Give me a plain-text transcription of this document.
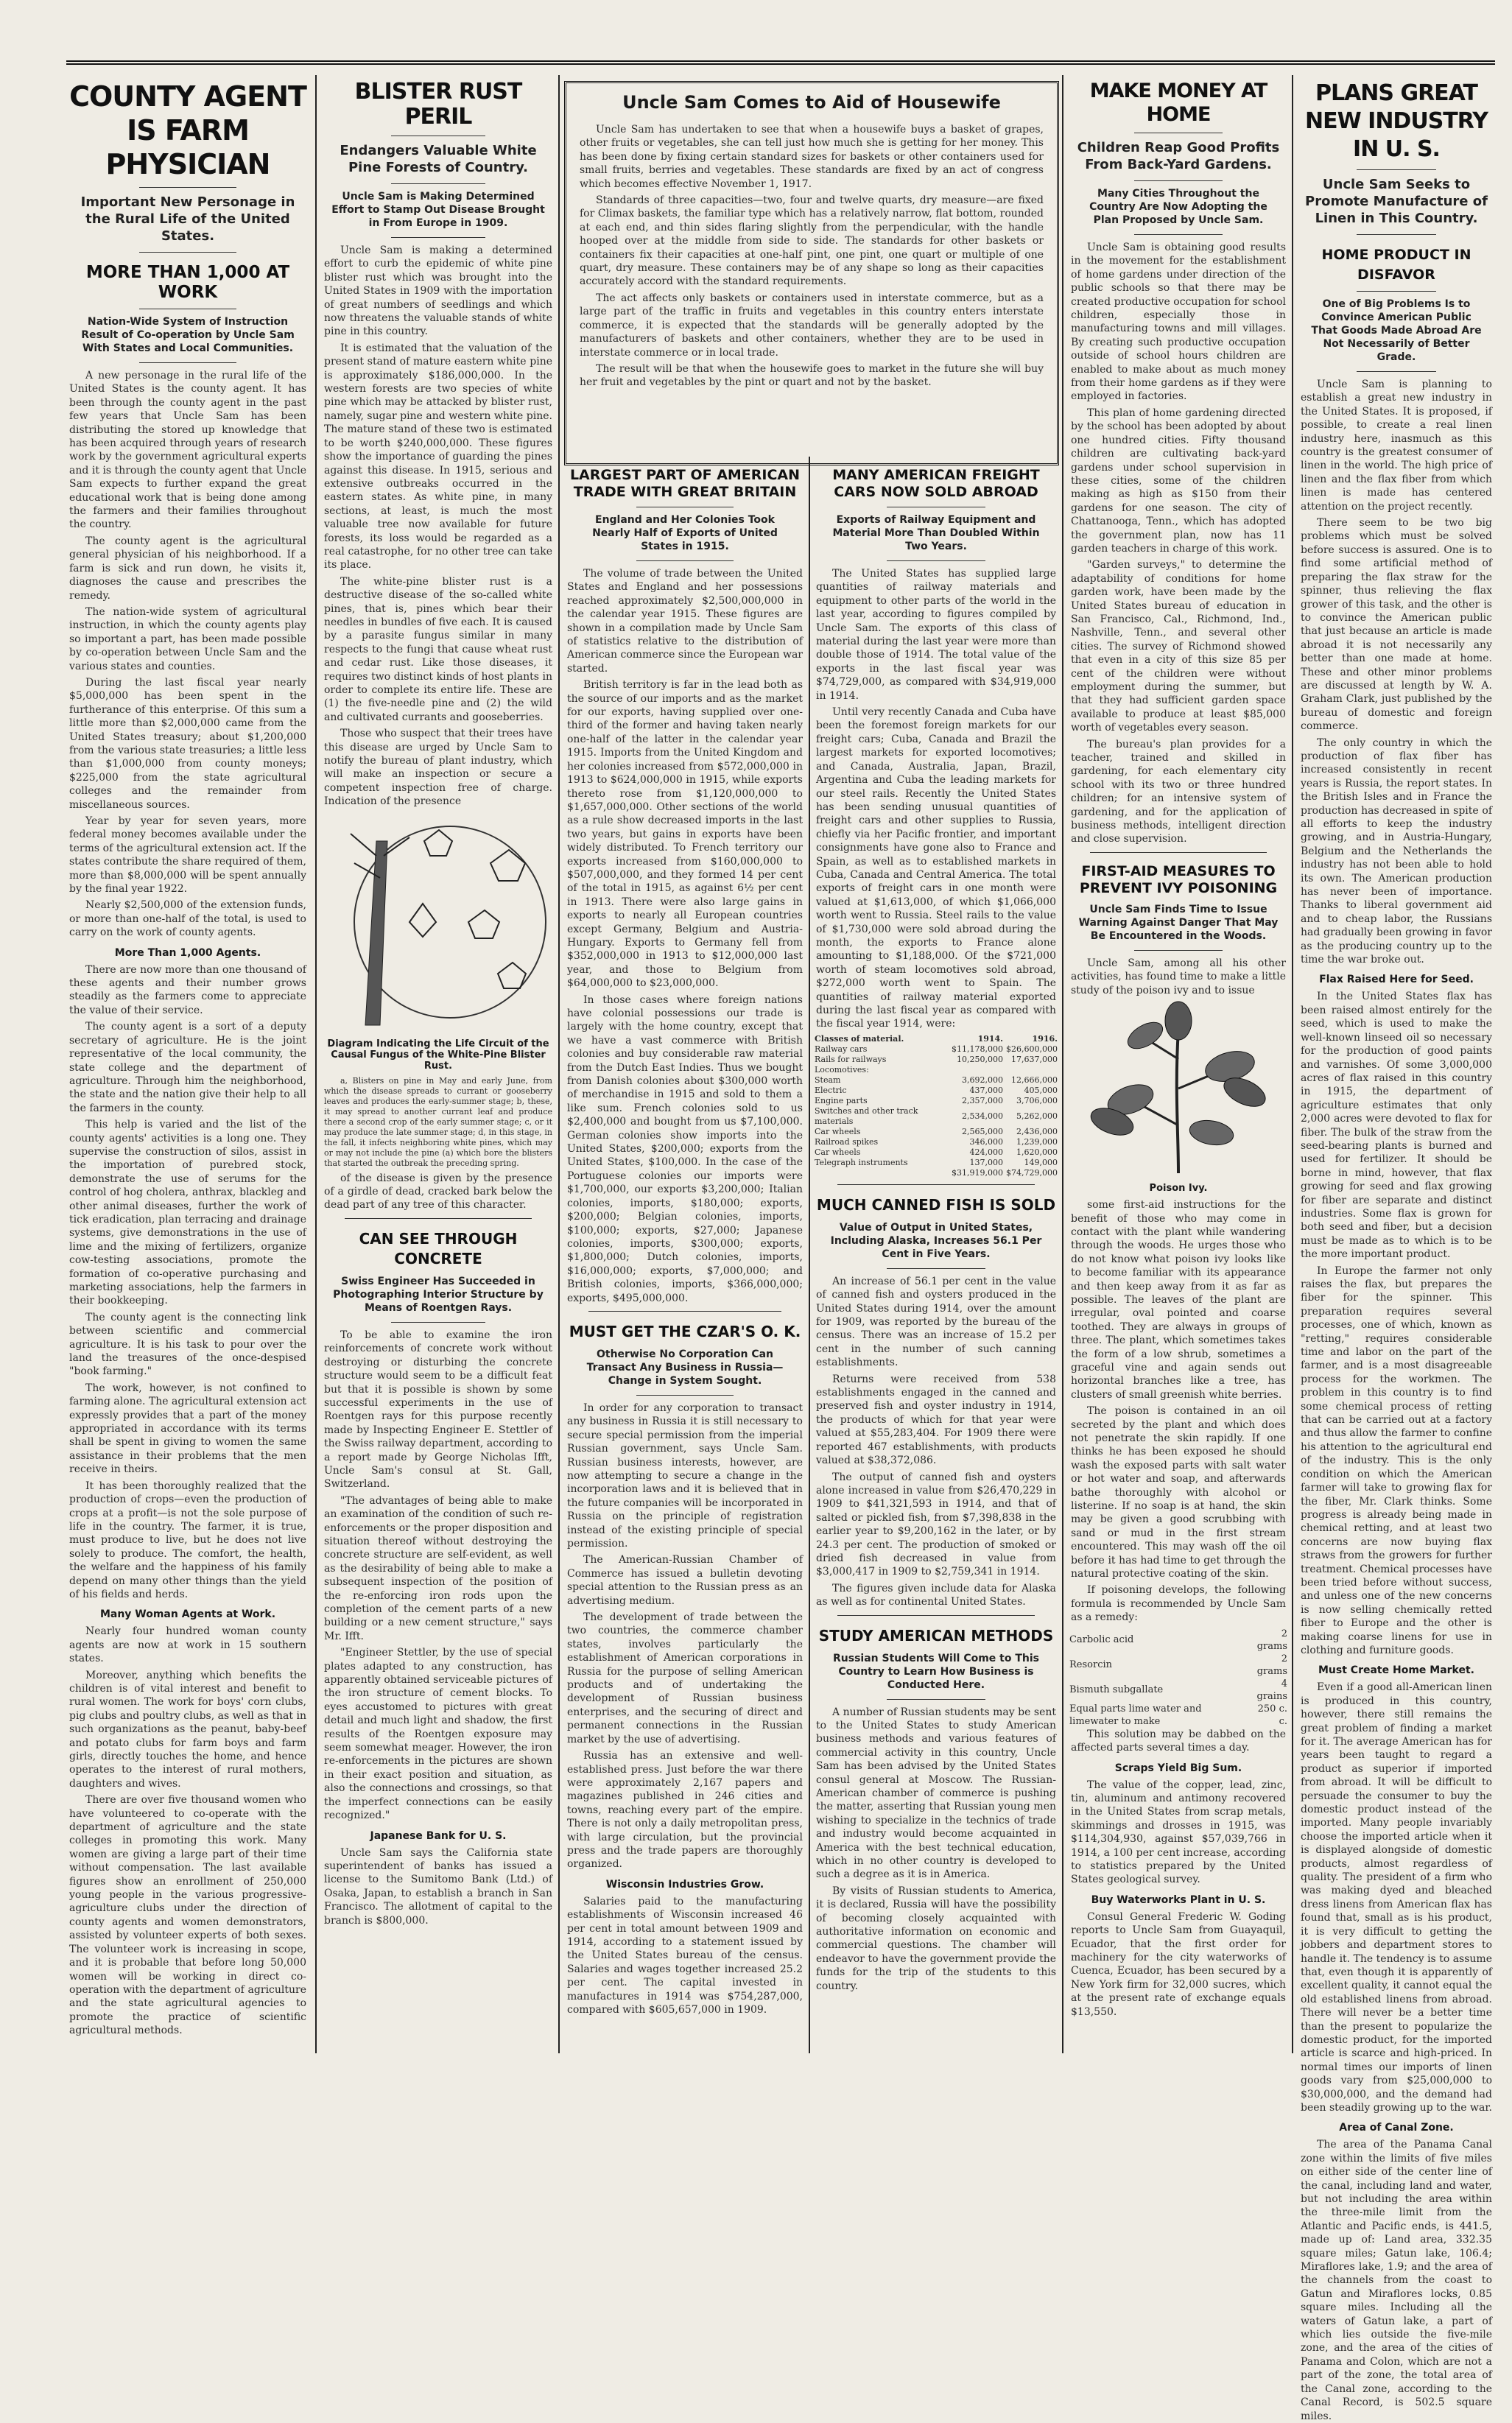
COUNTY AGENT IS FARM PHYSICIAN
Important New Personage in the Rural Life of the United States.
MORE THAN 1,000 AT WORK
Nation-Wide System of Instruction Result of Co-operation by Uncle Sam With States and Local Communities.

A new personage in the rural life of the United States is the county agent. It has been through the county agent in the past few years that Uncle Sam has been distributing the stored up knowledge that has been acquired through years of research work by the government agricultural experts and it is through the county agent that Uncle Sam expects to further expand the great educational work that is being done among the farmers and their families throughout the country.

The county agent is the agricultural general physician of his neighborhood. If a farm is sick and run down, he visits it, diagnoses the cause and prescribes the remedy.

The nation-wide system of agricultural instruction, in which the county agents play so important a part, has been made possible by co-operation between Uncle Sam and the various states and counties.

During the last fiscal year nearly $5,000,000 has been spent in the furtherance of this enterprise. Of this sum a little more than $2,000,000 came from the United States treasury; about $1,200,000 from the various state treasuries; a little less than $1,000,000 from county moneys; $225,000 from the state agricultural colleges and the remainder from miscellaneous sources.

Year by year for seven years, more federal money becomes available under the terms of the agricultural extension act. If the states contribute the share required of them, more than $8,000,000 will be spent annually by the final year 1922.

Nearly $2,500,000 of the extension funds, or more than one-half of the total, is used to carry on the work of county agents.

More Than 1,000 Agents.

There are now more than one thousand of these agents and their number grows steadily as the farmers come to appreciate the value of their service.

The county agent is a sort of a deputy secretary of agriculture. He is the joint representative of the local community, the state college and the department of agriculture. Through him the neighborhood, the state and the nation give their help to all the farmers in the county.

This help is varied and the list of the county agents' activities is a long one. They supervise the construction of silos, assist in the importation of purebred stock, demonstrate the use of serums for the control of hog cholera, anthrax, blackleg and other animal diseases, further the work of tick eradication, plan terracing and drainage systems, give demonstrations in the use of lime and the mixing of fertilizers, organize cow-testing associations, promote the formation of co-operative purchasing and marketing associations, help the farmers in their bookkeeping.

The county agent is the connecting link between scientific and commercial agriculture. It is his task to pour over the land the treasures of the once-despised "book farming."

The work, however, is not confined to farming alone. The agricultural extension act expressly provides that a part of the money appropriated in accordance with its terms shall be spent in giving to women the same assistance in their problems that the men receive in theirs.

It has been thoroughly realized that the production of crops—even the production of crops at a profit—is not the sole purpose of life in the country. The farmer, it is true, must produce to live, but he does not live solely to produce. The comfort, the health, the welfare and the happiness of his family depend on many other things than the yield of his fields and herds.

Many Woman Agents at Work.

Nearly four hundred woman county agents are now at work in 15 southern states.

Moreover, anything which benefits the children is of vital interest and benefit to rural women. The work for boys' corn clubs, pig clubs and poultry clubs, as well as that in such organizations as the peanut, baby-beef and potato clubs for farm boys and farm girls, directly touches the home, and hence operates to the interest of rural mothers, daughters and wives.

There are over five thousand women who have volunteered to co-operate with the department of agriculture and the state colleges in promoting this work. Many women are giving a large part of their time without compensation. The last available figures show an enrollment of 250,000 young people in the various progressive-agriculture clubs under the direction of county agents and women demonstrators, assisted by volunteer experts of both sexes. The volunteer work is increasing in scope, and it is probable that before long 50,000 women will be working in direct co-operation with the department of agriculture and the state agricultural agencies to promote the practice of scientific agricultural methods.

BLISTER RUST PERIL
Endangers Valuable White Pine Forests of Country.
Uncle Sam is Making Determined Effort to Stamp Out Disease Brought in From Europe in 1909.

Uncle Sam is making a determined effort to curb the epidemic of white pine blister rust which was brought into the United States in 1909 with the importation of great numbers of seedlings and which now threatens the valuable stands of white pine in this country.

It is estimated that the valuation of the present stand of mature eastern white pine is approximately $186,000,000. In the western forests are two species of white pine which may be attacked by blister rust, namely, sugar pine and western white pine. The mature stand of these two is estimated to be worth $240,000,000. These figures show the importance of guarding the pines against this disease. In 1915, serious and extensive outbreaks occurred in the eastern states. As white pine, in many sections, at least, is much the most valuable tree now available for future forests, its loss would be regarded as a real catastrophe, for no other tree can take its place.

The white-pine blister rust is a destructive disease of the so-called white pines, that is, pines which bear their needles in bundles of five each. It is caused by a parasite fungus similar in many respects to the fungi that cause wheat rust and cedar rust. Like those diseases, it requires two distinct kinds of host plants in order to complete its entire life. These are (1) the five-needle pine and (2) the wild and cultivated currants and gooseberries.

Those who suspect that their trees have this disease are urged by Uncle Sam to notify the bureau of plant industry, which will make an inspection or secure a competent inspection free of charge. Indication of the presence

Diagram Indicating the Life Circuit of the Causal Fungus of the White-Pine Blister Rust.

a, Blisters on pine in May and early June, from which the disease spreads to currant or gooseberry leaves and produces the early-summer stage; b, these, it may spread to another currant leaf and produce there a second crop of the early summer stage; c, or it may produce the late summer stage; d, in this stage, in the fall, it infects neighboring white pines, which may or may not include the pine (a) which bore the blisters that started the outbreak the preceding spring.

of the disease is given by the presence of a girdle of dead, cracked bark below the dead part of any tree of this character.

CAN SEE THROUGH CONCRETE
Swiss Engineer Has Succeeded in Photographing Interior Structure by Means of Roentgen Rays.

To be able to examine the iron reinforcements of concrete work without destroying or disturbing the concrete structure would seem to be a difficult feat but that it is possible is shown by some successful experiments in the use of Roentgen rays for this purpose recently made by Inspecting Engineer E. Stettler of the Swiss railway department, according to a report made by George Nicholas Ifft, Uncle Sam's consul at St. Gall, Switzerland.

"The advantages of being able to make an examination of the condition of such re-enforcements or the proper disposition and situation thereof without destroying the concrete structure are self-evident, as well as the desirability of being able to make a subsequent inspection of the position of the re-enforcing iron rods upon the completion of the cement parts of a new building or a new cement structure," says Mr. Ifft.

"Engineer Stettler, by the use of special plates adapted to any construction, has apparently obtained serviceable pictures of the iron structure of cement blocks. To eyes accustomed to pictures with great detail and much light and shadow, the first results of the Roentgen exposure may seem somewhat meager. However, the iron re-enforcements in the pictures are shown in their exact position and situation, as also the connections and crossings, so that the imperfect connections can be easily recognized."

Japanese Bank for U. S.

Uncle Sam says the California state superintendent of banks has issued a license to the Sumitomo Bank (Ltd.) of Osaka, Japan, to establish a branch in San Francisco. The allotment of capital to the branch is $800,000.

Uncle Sam Comes to Aid of Housewife

Uncle Sam has undertaken to see that when a housewife buys a basket of grapes, other fruits or vegetables, she can tell just how much she is getting for her money. This has been done by fixing certain standard sizes for baskets or other containers used for small fruits, berries and vegetables. These standards are fixed by an act of congress which becomes effective November 1, 1917.

Standards of three capacities—two, four and twelve quarts, dry measure—are fixed for Climax baskets, the familiar type which has a relatively narrow, flat bottom, rounded at each end, and thin sides flaring slightly from the perpendicular, with the handle hooped over at the middle from side to side. The standards for other baskets or containers fix their capacities at one-half pint, one pint, one quart or multiple of one quart, dry measure. These containers may be of any shape so long as their capacities accurately accord with the standard requirements.

The act affects only baskets or containers used in interstate commerce, but as a large part of the traffic in fruits and vegetables in this country enters interstate commerce, it is expected that the standards will be generally adopted by the manufacturers of baskets and other containers, whether they are to be used in interstate commerce or in local trade.

The result will be that when the housewife goes to market in the future she will buy her fruit and vegetables by the pint or quart and not by the basket.

LARGEST PART OF AMERICAN TRADE WITH GREAT BRITAIN
England and Her Colonies Took Nearly Half of Exports of United States in 1915.

The volume of trade between the United States and England and her possessions reached approximately $2,500,000,000 in the calendar year 1915. These figures are shown in a compilation made by Uncle Sam of statistics relative to the distribution of American commerce since the European war started.

British territory is far in the lead both as the source of our imports and as the market for our exports, having supplied over one-third of the former and having taken nearly one-half of the latter in the calendar year 1915. Imports from the United Kingdom and her colonies increased from $572,000,000 in 1913 to $624,000,000 in 1915, while exports thereto rose from $1,120,000,000 to $1,657,000,000. Other sections of the world as a rule show decreased imports in the last two years, but gains in exports have been widely distributed. To French territory our exports increased from $160,000,000 to $507,000,000, and they formed 14 per cent of the total in 1915, as against 6½ per cent in 1913. There were also large gains in exports to nearly all European countries except Germany, Belgium and Austria-Hungary. Exports to Germany fell from $352,000,000 in 1913 to $12,000,000 last year, and those to Belgium from $64,000,000 to $23,000,000.

In those cases where foreign nations have colonial possessions our trade is largely with the home country, except that we have a vast commerce with British colonies and buy considerable raw material from the Dutch East Indies. Thus we bought from Danish colonies about $300,000 worth of merchandise in 1915 and sold to them a like sum. French colonies sold to us $2,400,000 and bought from us $7,100,000. German colonies show imports into the United States, $200,000; exports from the United States, $100,000. In the case of the Portuguese colonies our imports were $1,700,000, our exports $3,200,000; Italian colonies, imports, $180,000; exports, $200,000; Belgian colonies, imports, $100,000; exports, $27,000; Japanese colonies, imports, $300,000; exports, $1,800,000; Dutch colonies, imports, $16,000,000; exports, $7,000,000; and British colonies, imports, $366,000,000; exports, $495,000,000.

MUST GET THE CZAR'S O. K.
Otherwise No Corporation Can Transact Any Business in Russia—Change in System Sought.

In order for any corporation to transact any business in Russia it is still necessary to secure special permission from the imperial Russian government, says Uncle Sam. Russian business interests, however, are now attempting to secure a change in the incorporation laws and it is believed that in the future companies will be incorporated in Russia on the principle of registration instead of the existing principle of special permission.

The American-Russian Chamber of Commerce has issued a bulletin devoting special attention to the Russian press as an advertising medium.

The development of trade between the two countries, the commerce chamber states, involves particularly the establishment of American corporations in Russia for the purpose of selling American products and of undertaking the development of Russian business enterprises, and the securing of direct and permanent connections in the Russian market by the use of advertising.

Russia has an extensive and well-established press. Just before the war there were approximately 2,167 papers and magazines published in 246 cities and towns, reaching every part of the empire. There is not only a daily metropolitan press, with large circulation, but the provincial press and the trade papers are thoroughly organized.

Wisconsin Industries Grow.

Salaries paid to the manufacturing establishments of Wisconsin increased 46 per cent in total amount between 1909 and 1914, according to a statement issued by the United States bureau of the census. Salaries and wages together increased 25.2 per cent. The capital invested in manufactures in 1914 was $754,287,000, compared with $605,657,000 in 1909.

MANY AMERICAN FREIGHT CARS NOW SOLD ABROAD
Exports of Railway Equipment and Material More Than Doubled Within Two Years.

The United States has supplied large quantities of railway materials and equipment to other parts of the world in the last year, according to figures compiled by Uncle Sam. The exports of this class of material during the last year were more than double those of 1914. The total value of the exports in the last fiscal year was $74,729,000, as compared with $34,919,000 in 1914.

Until very recently Canada and Cuba have been the foremost foreign markets for our freight cars; Cuba, Canada and Brazil the largest markets for exported locomotives; and Canada, Australia, Japan, Brazil, Argentina and Cuba the leading markets for our steel rails. Recently the United States has been sending unusual quantities of freight cars and other supplies to Russia, chiefly via her Pacific frontier, and important consignments have gone also to France and Spain, as well as to established markets in Cuba, Canada and Central America. The total exports of freight cars in one month were valued at $1,613,000, of which $1,066,000 worth went to Russia. Steel rails to the value of $1,730,000 were sold abroad during the month, the exports to France alone amounting to $1,188,000. Of the $721,000 worth of steam locomotives sold abroad, $272,000 worth went to Spain. The quantities of railway material exported during the last fiscal year as compared with the fiscal year 1914, were:

Classes of material.	1914.	1916.
Railway cars	$11,178,000	$26,600,000
Rails for railways	10,250,000	17,637,000
Locomotives:		
Steam	3,692,000	12,666,000
Electric	437,000	405,000
Engine parts	2,357,000	3,706,000
Switches and other track materials	2,534,000	5,262,000
Car wheels	2,565,000	2,436,000
Railroad spikes	346,000	1,239,000
Car wheels	424,000	1,620,000
Telegraph instruments	137,000	149,000
	$31,919,000	$74,729,000
MUCH CANNED FISH IS SOLD
Value of Output in United States, Including Alaska, Increases 56.1 Per Cent in Five Years.

An increase of 56.1 per cent in the value of canned fish and oysters produced in the United States during 1914, over the amount for 1909, was reported by the bureau of the census. There was an increase of 15.2 per cent in the number of such canning establishments.

Returns were received from 538 establishments engaged in the canned and preserved fish and oyster industry in 1914, the products of which for that year were valued at $55,283,404. For 1909 there were reported 467 establishments, with products valued at $38,372,086.

The output of canned fish and oysters alone increased in value from $26,470,229 in 1909 to $41,321,593 in 1914, and that of salted or pickled fish, from $7,398,838 in the earlier year to $9,200,162 in the later, or by 24.3 per cent. The production of smoked or dried fish decreased in value from $3,000,417 in 1909 to $2,759,341 in 1914.

The figures given include data for Alaska as well as for continental United States.

STUDY AMERICAN METHODS
Russian Students Will Come to This Country to Learn How Business is Conducted Here.

A number of Russian students may be sent to the United States to study American business methods and various features of commercial activity in this country, Uncle Sam has been advised by the United States consul general at Moscow. The Russian-American chamber of commerce is pushing the matter, asserting that Russian young men wishing to specialize in the technics of trade and industry would become acquainted in America with the best technical education, which in no other country is developed to such a degree as it is in America.

By visits of Russian students to America, it is declared, Russia will have the possibility of becoming closely acquainted with authoritative information on economic and commercial questions. The chamber will endeavor to have the government provide the funds for the trip of the students to this country.

MAKE MONEY AT HOME
Children Reap Good Profits From Back-Yard Gardens.
Many Cities Throughout the Country Are Now Adopting the Plan Proposed by Uncle Sam.

Uncle Sam is obtaining good results in the movement for the establishment of home gardens under direction of the public schools so that there may be created productive occupation for school children, especially those in manufacturing towns and mill villages. By creating such productive occupation outside of school hours children are enabled to make about as much money from their home gardens as if they were employed in factories.

This plan of home gardening directed by the school has been adopted by about one hundred cities. Fifty thousand children are cultivating back-yard gardens under school supervision in these cities, some of the children making as high as $150 from their gardens for one season. The city of Chattanooga, Tenn., which has adopted the government plan, now has 11 garden teachers in charge of this work.

"Garden surveys," to determine the adaptability of conditions for home garden work, have been made by the United States bureau of education in San Francisco, Cal., Richmond, Ind., Nashville, Tenn., and several other cities. The survey of Richmond showed that even in a city of this size 85 per cent of the children were without employment during the summer, but that they had sufficient garden space available to produce at least $85,000 worth of vegetables every season.

The bureau's plan provides for a teacher, trained and skilled in gardening, for each elementary city school with its two or three hundred children; for an intensive system of gardening, and for the application of business methods, intelligent direction and close supervision.

FIRST-AID MEASURES TO PREVENT IVY POISONING
Uncle Sam Finds Time to Issue Warning Against Danger That May Be Encountered in the Woods.

Uncle Sam, among all his other activities, has found time to make a little study of the poison ivy and to issue

Poison Ivy.

some first-aid instructions for the benefit of those who may come in contact with the plant while wandering through the woods. He urges those who do not know what poison ivy looks like to become familiar with its appearance and then keep away from it as far as possible. The leaves of the plant are irregular, oval pointed and coarse toothed. They are always in groups of three. The plant, which sometimes takes the form of a low shrub, sometimes a graceful vine and again sends out horizontal branches like a tree, has clusters of small greenish white berries.

The poison is contained in an oil secreted by the plant and which does not penetrate the skin rapidly. If one thinks he has been exposed he should wash the exposed parts with salt water or hot water and soap, and afterwards bathe thoroughly with alcohol or listerine. If no soap is at hand, the skin may be given a good scrubbing with sand or mud in the first stream encountered. This may wash off the oil before it has had time to get through the natural protective coating of the skin.

If poisoning develops, the following formula is recommended by Uncle Sam as a remedy:

Carbolic acid	2 grams
Resorcin	2 grams
Bismuth subgallate	4 grains
Equal parts lime water and limewater to make	250 c. c.

This solution may be dabbed on the affected parts several times a day.

Scraps Yield Big Sum.

The value of the copper, lead, zinc, tin, aluminum and antimony recovered in the United States from scrap metals, skimmings and drosses in 1915, was $114,304,930, against $57,039,766 in 1914, a 100 per cent increase, according to statistics prepared by the United States geological survey.

Buy Waterworks Plant in U. S.

Consul General Frederic W. Goding reports to Uncle Sam from Guayaquil, Ecuador, that the first order for machinery for the city waterworks of Cuenca, Ecuador, has been secured by a New York firm for 32,000 sucres, which at the present rate of exchange equals $13,550.

PLANS GREAT NEW INDUSTRY IN U. S.
Uncle Sam Seeks to Promote Manufacture of Linen in This Country.
HOME PRODUCT IN DISFAVOR
One of Big Problems Is to Convince American Public That Goods Made Abroad Are Not Necessarily of Better Grade.

Uncle Sam is planning to establish a great new industry in the United States. It is proposed, if possible, to create a real linen industry here, inasmuch as this country is the greatest consumer of linen in the world. The high price of linen and the flax fiber from which linen is made has centered attention on the project recently.

There seem to be two big problems which must be solved before success is assured. One is to find some artificial method of preparing the flax straw for the spinner, thus relieving the flax grower of this task, and the other is to convince the American public that just because an article is made abroad it is not necessarily any better than one made at home. These and other minor problems are discussed at length by W. A. Graham Clark, just published by the bureau of domestic and foreign commerce.

The only country in which the production of flax fiber has increased consistently in recent years is Russia, the report states. In the British Isles and in France the production has decreased in spite of all efforts to keep the industry growing, and in Austria-Hungary, Belgium and the Netherlands the industry has not been able to hold its own. The American production has never been of importance. Thanks to liberal government aid and to cheap labor, the Russians had gradually been growing in favor as the producing country up to the time the war broke out.

Flax Raised Here for Seed.

In the United States flax has been raised almost entirely for the seed, which is used to make the well-known linseed oil so necessary for the production of good paints and varnishes. Of some 3,000,000 acres of flax raised in this country in 1915, the department of agriculture estimates that only 2,000 acres were devoted to flax for fiber. The bulk of the straw from the seed-bearing plants is burned and used for fertilizer. It should be borne in mind, however, that flax growing for seed and flax growing for fiber are separate and distinct industries. Some flax is grown for both seed and fiber, but a decision must be made as to which is to be the more important product.

In Europe the farmer not only raises the flax, but prepares the fiber for the spinner. This preparation requires several processes, one of which, known as "retting," requires considerable time and labor on the part of the farmer, and is a most disagreeable process for the workmen. The problem in this country is to find some chemical process of retting that can be carried out at a factory and thus allow the farmer to confine his attention to the agricultural end of the industry. This is the only condition on which the American farmer will take to growing flax for the fiber, Mr. Clark thinks. Some progress is already being made in chemical retting, and at least two concerns are now buying flax straws from the growers for further treatment. Chemical processes have been tried before without success, and unless one of the new concerns is now selling chemically retted fiber to Europe and the other is making coarse linens for use in clothing and furniture goods.

Must Create Home Market.

Even if a good all-American linen is produced in this country, however, there still remains the great problem of finding a market for it. The average American has for years been taught to regard a product as superior if imported from abroad. It will be difficult to persuade the consumer to buy the domestic product instead of the imported. Many people invariably choose the imported article when it is displayed alongside of domestic products, almost regardless of quality. The president of a firm who was making dyed and bleached dress linens from American flax has found that, small as is his product, it is very difficult to getting the jobbers and department stores to handle it. The tendency is to assume that, even though it is apparently of excellent quality, it cannot equal the old established linens from abroad. There will never be a better time than the present to popularize the domestic product, for the imported article is scarce and high-priced. In normal times our imports of linen goods vary from $25,000,000 to $30,000,000, and the demand had been steadily growing up to the war.

Area of Canal Zone.

The area of the Panama Canal zone within the limits of five miles on either side of the center line of the canal, including land and water, but not including the area within the three-mile limit from the Atlantic and Pacific ends, is 441.5, made up of: Land area, 332.35 square miles; Gatun lake, 106.4; Miraflores lake, 1.9; and the area of the channels from the coast to Gatun and Miraflores locks, 0.85 square miles. Including all the waters of Gatun lake, a part of which lies outside the five-mile zone, and the area of the cities of Panama and Colon, which are not a part of the zone, the total area of the Canal zone, according to the Canal Record, is 502.5 square miles.
